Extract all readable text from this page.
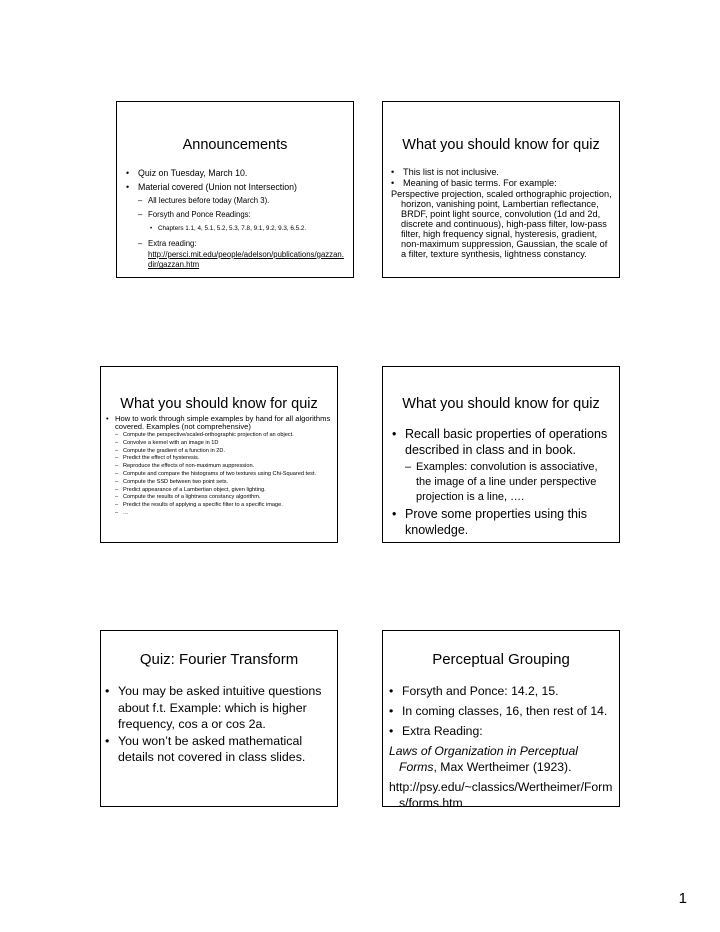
Announcements
• Quiz on Tuesday, March 10.
• Material covered (Union not Intersection)
– All lectures before today (March 3).
– Forsyth and Ponce Readings:
• Chapters 1.1, 4, 5.1, 5.2, 5.3, 7.8, 9.1, 9.2, 9.3, 6.5.2.
– Extra reading:
http://persci.mit.edu/people/adelson/publications/gazzan.dir/gazzan.htm
What you should know for quiz
• This list is not inclusive.
• Meaning of basic terms. For example:
Perspective projection, scaled orthographic projection, horizon, vanishing point, Lambertian reflectance, BRDF, point light source, convolution (1d and 2d, discrete and continuous), high-pass filter, low-pass filter, high frequency signal, hysteresis, gradient, non-maximum suppression, Gaussian, the scale of a filter, texture synthesis, lightness constancy.
What you should know for quiz
• How to work through simple examples by hand for all algorithms covered. Examples (not comprehensive)
– Compute the perspective/scaled-orthographic projection of an object.
– Convolve a kernel with an image in 1D
– Compute the gradient of a function in 2D.
– Predict the effect of hysteresis.
– Reproduce the effects of non-maximum suppression.
– Compute and compare the histograms of two textures using Chi-Squared test.
– Compute the SSD between two point sets.
– Predict appearance of a Lambertian object, given lighting.
– Compute the results of a lightness constancy algorithm.
– Predict the results of applying a specific filter to a specific image.
– …
What you should know for quiz
• Recall basic properties of operations described in class and in book.
– Examples: convolution is associative, the image of a line under perspective projection is a line, ….
• Prove some properties using this knowledge.
Quiz: Fourier Transform
• You may be asked intuitive questions about f.t. Example: which is higher frequency, cos a or cos 2a.
• You won’t be asked mathematical details not covered in class slides.
Perceptual Grouping
• Forsyth and Ponce: 14.2, 15.
• In coming classes, 16, then rest of 14.
• Extra Reading:
Laws of Organization in Perceptual Forms, Max Wertheimer (1923).
http://psy.edu/~classics/Wertheimer/Forms/forms.htm
1
